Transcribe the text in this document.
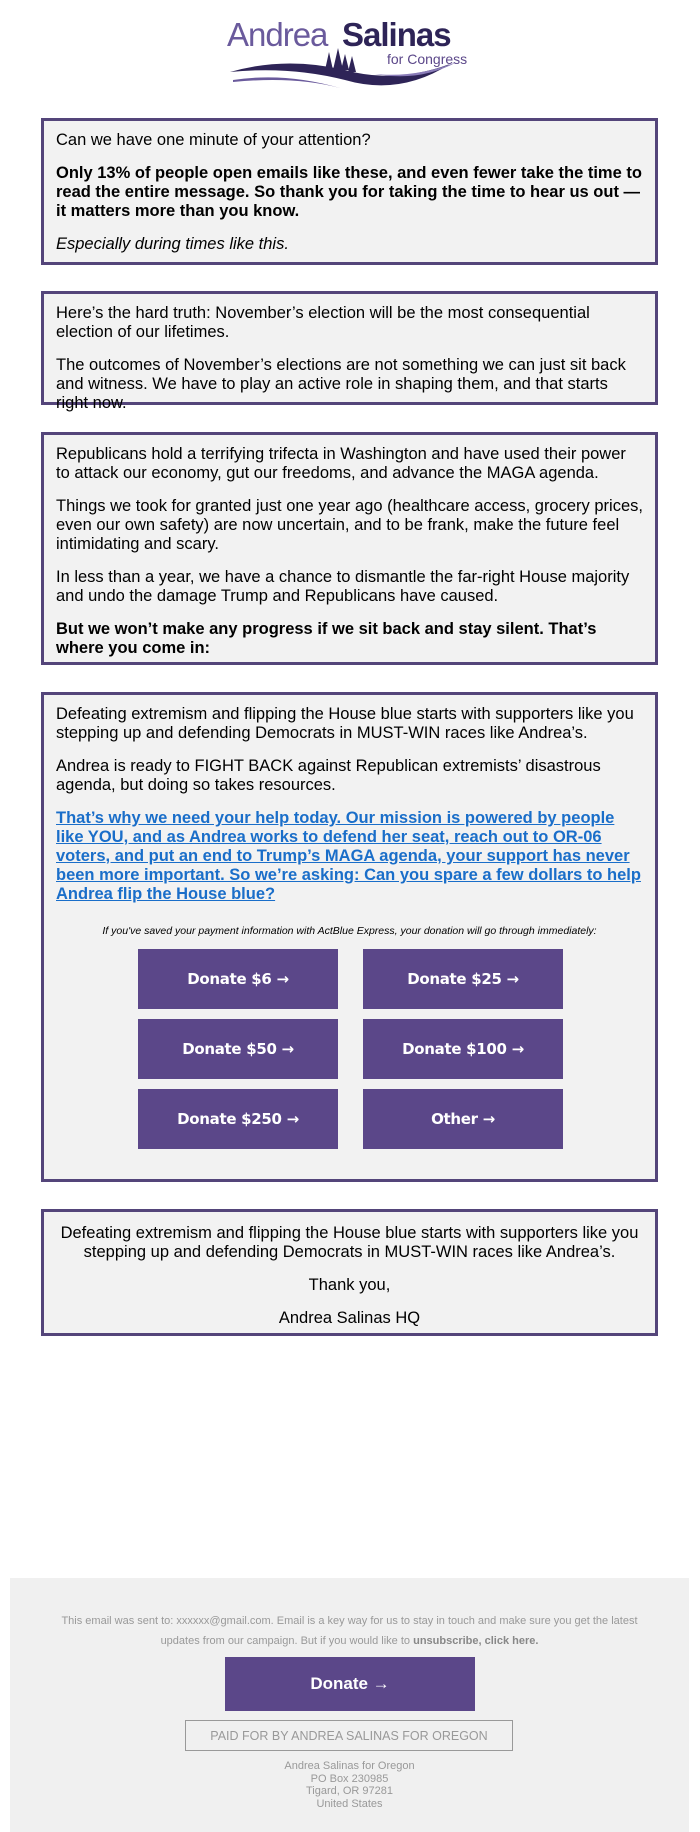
Andrea Salinas
for Congress

Can we have one minute of your attention?

Only 13% of people open emails like these, and even fewer take the time to read the entire message. So thank you for taking the time to hear us out — it matters more than you know.

Especially during times like this.

Here’s the hard truth: November’s election will be the most consequential election of our lifetimes.

The outcomes of November’s elections are not something we can just sit back and witness. We have to play an active role in shaping them, and that starts right now.

Republicans hold a terrifying trifecta in Washington and have used their power to attack our economy, gut our freedoms, and advance the MAGA agenda.

Things we took for granted just one year ago (healthcare access, grocery prices, even our own safety) are now uncertain, and to be frank, make the future feel intimidating and scary.

In less than a year, we have a chance to dismantle the far-right House majority and undo the damage Trump and Republicans have caused.

But we won’t make any progress if we sit back and stay silent. That’s where you come in:

Defeating extremism and flipping the House blue starts with supporters like you stepping up and defending Democrats in MUST-WIN races like Andrea’s.

Andrea is ready to FIGHT BACK against Republican extremists’ disastrous agenda, but doing so takes resources.

That’s why we need your help today. Our mission is powered by people like YOU, and as Andrea works to defend her seat, reach out to OR-06 voters, and put an end to Trump’s MAGA agenda, your support has never been more important. So we’re asking: Can you spare a few dollars to help Andrea flip the House blue?

If you've saved your payment information with ActBlue Express, your donation will go through immediately:

Donate $6 →	Donate $25 →
Donate $50 →	Donate $100 →
Donate $250 →	Other →

Defeating extremism and flipping the House blue starts with supporters like you stepping up and defending Democrats in MUST-WIN races like Andrea’s.

Thank you,

Andrea Salinas HQ

This email was sent to: xxxxxx@gmail.com. Email is a key way for us to stay in touch and make sure you get the latest updates from our campaign. But if you would like to unsubscribe, click here.
Donate →
PAID FOR BY ANDREA SALINAS FOR OREGON
Andrea Salinas for Oregon
PO Box 230985
Tigard, OR 97281
United States
